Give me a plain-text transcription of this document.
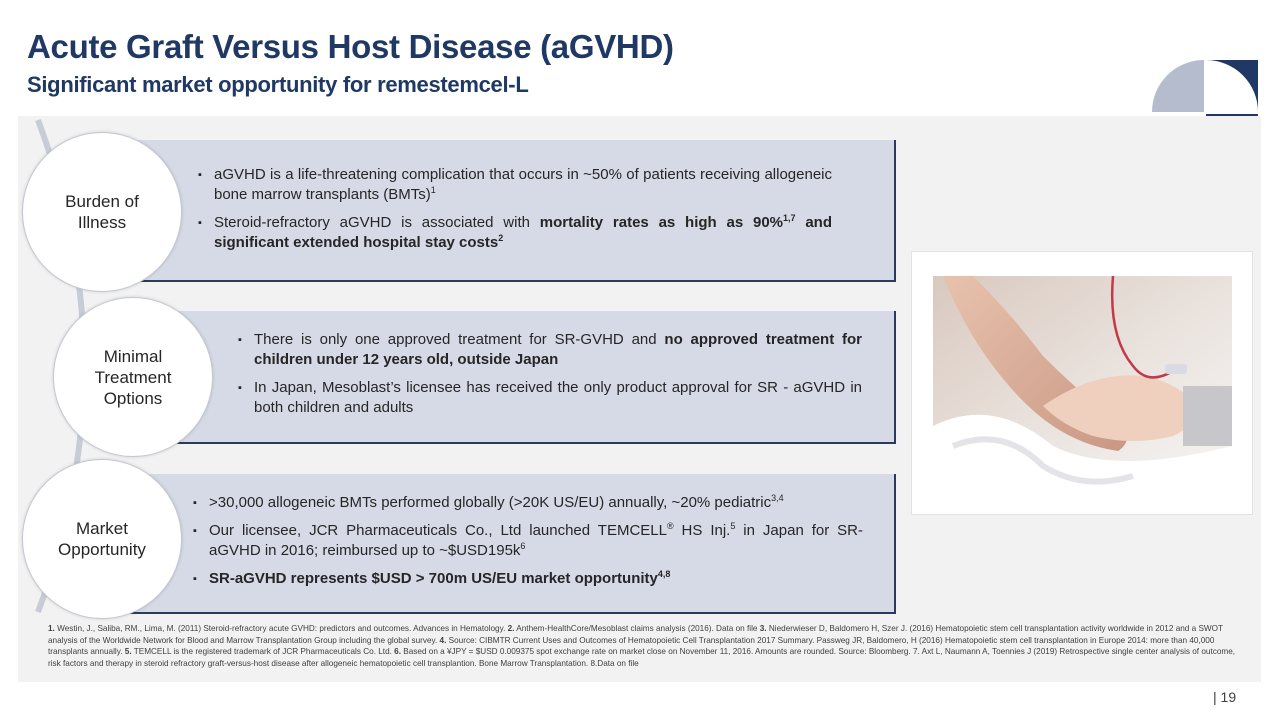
Acute Graft Versus Host Disease (aGVHD)
Significant market opportunity for remestemcel-L
Burden of Illness
Minimal Treatment Options
Market Opportunity
▪ aGVHD is a life-threatening complication that occurs in ~50% of patients receiving allogeneic bone marrow transplants (BMTs)$^1$
▪ Steroid-refractory aGVHD is associated with mortality rates as high as 90%$^{1,7}$ and significant extended hospital stay costs$^2$
▪ There is only one approved treatment for SR-GVHD and no approved treatment for children under 12 years old, outside Japan
▪ In Japan, Mesoblast’s licensee has received the only product approval for SR - aGVHD in both children and adults
▪ >30,000 allogeneic BMTs performed globally (>20K US/EU) annually, ~20% pediatric$^{3,4}$
▪ Our licensee, JCR Pharmaceuticals Co., Ltd launched TEMCELL® HS Inj.$^5$ in Japan for SR-aGVHD in 2016; reimbursed up to $\sim\$USD195k^6$
▪ SR-aGVHD represents $USD > 700m US/EU market opportunity$^{4,8}$

1. Westin, J., Saliba, RM., Lima, M. (2011) Steroid-refractory acute GVHD: predictors and outcomes. Advances in Hematology. 2. Anthem-HealthCore/Mesoblast claims analysis (2016). Data on file 3. Niederwieser D, Baldomero H, Szer J. (2016) Hematopoietic stem cell transplantation activity worldwide in 2012 and a SWOT analysis of the Worldwide Network for Blood and Marrow Transplantation Group including the global survey. 4. Source: CIBMTR Current Uses and Outcomes of Hematopoietic Cell Transplantation 2017 Summary. Passweg JR, Baldomero, H (2016) Hematopoietic stem cell transplantation in Europe 2014: more than 40,000 transplants annually. 5. TEMCELL is the registered trademark of JCR Pharmaceuticals Co. Ltd. 6. Based on a ¥JPY = $USD 0.009375 spot exchange rate on market close on November 11, 2016. Amounts are rounded. Source: Bloomberg. 7. Axt L, Naumann A, Toennies J (2019) Retrospective single center analysis of outcome, risk factors and therapy in steroid refractory graft-versus-host disease after allogeneic hematopoietic cell transplantion. Bone Marrow Transplantation. 8.Data on file

| 19
